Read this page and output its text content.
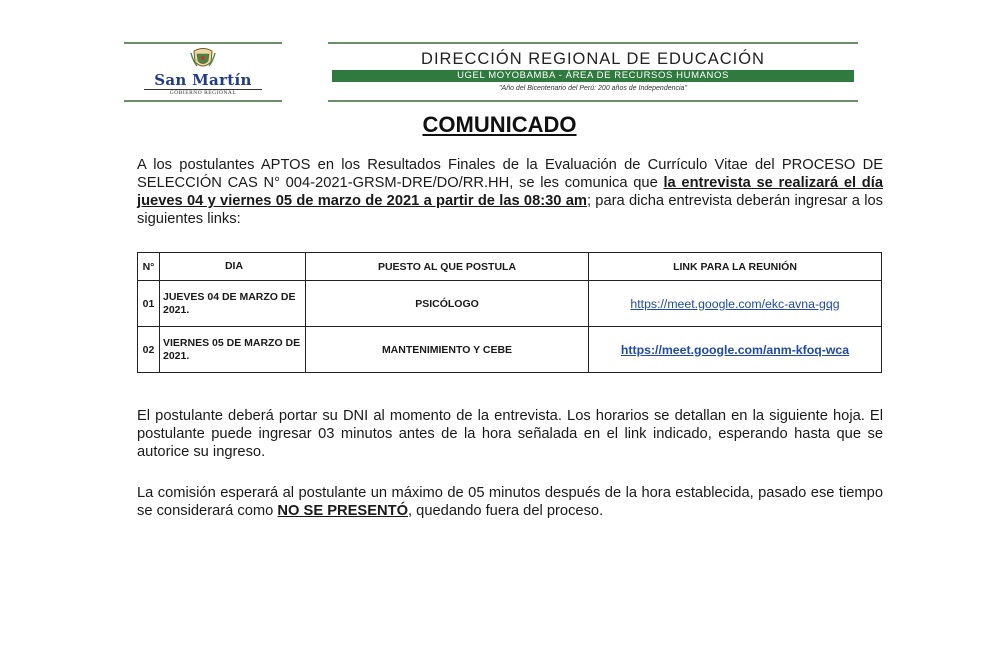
San Martín
GOBIERNO REGIONAL
DIRECCIÓN REGIONAL DE EDUCACIÓN
UGEL MOYOBAMBA - ÁREA DE RECURSOS HUMANOS
"Año del Bicentenario del Perú: 200 años de Independencia"
COMUNICADO
A los postulantes APTOS en los Resultados Finales de la Evaluación de Currículo Vitae del PROCESO DE SELECCIÓN CAS N° 004-2021-GRSM-DRE/DO/RR.HH, se les comunica que la entrevista se realizará el día jueves 04 y viernes 05 de marzo de 2021 a partir de las 08:30 am; para dicha entrevista deberán ingresar a los siguientes links:
N°	DIA	PUESTO AL QUE POSTULA	LINK PARA LA REUNIÓN
01	JUEVES 04 DE MARZO DE 2021.	PSICÓLOGO	https://meet.google.com/ekc-avna-gqg
02	VIERNES 05 DE MARZO DE 2021.	MANTENIMIENTO Y CEBE	https://meet.google.com/anm-kfoq-wca
El postulante deberá portar su DNI al momento de la entrevista. Los horarios se detallan en la siguiente hoja. El postulante puede ingresar 03 minutos antes de la hora señalada en el link indicado, esperando hasta que se autorice su ingreso.
La comisión esperará al postulante un máximo de 05 minutos después de la hora establecida, pasado ese tiempo se considerará como NO SE PRESENTÓ, quedando fuera del proceso.
